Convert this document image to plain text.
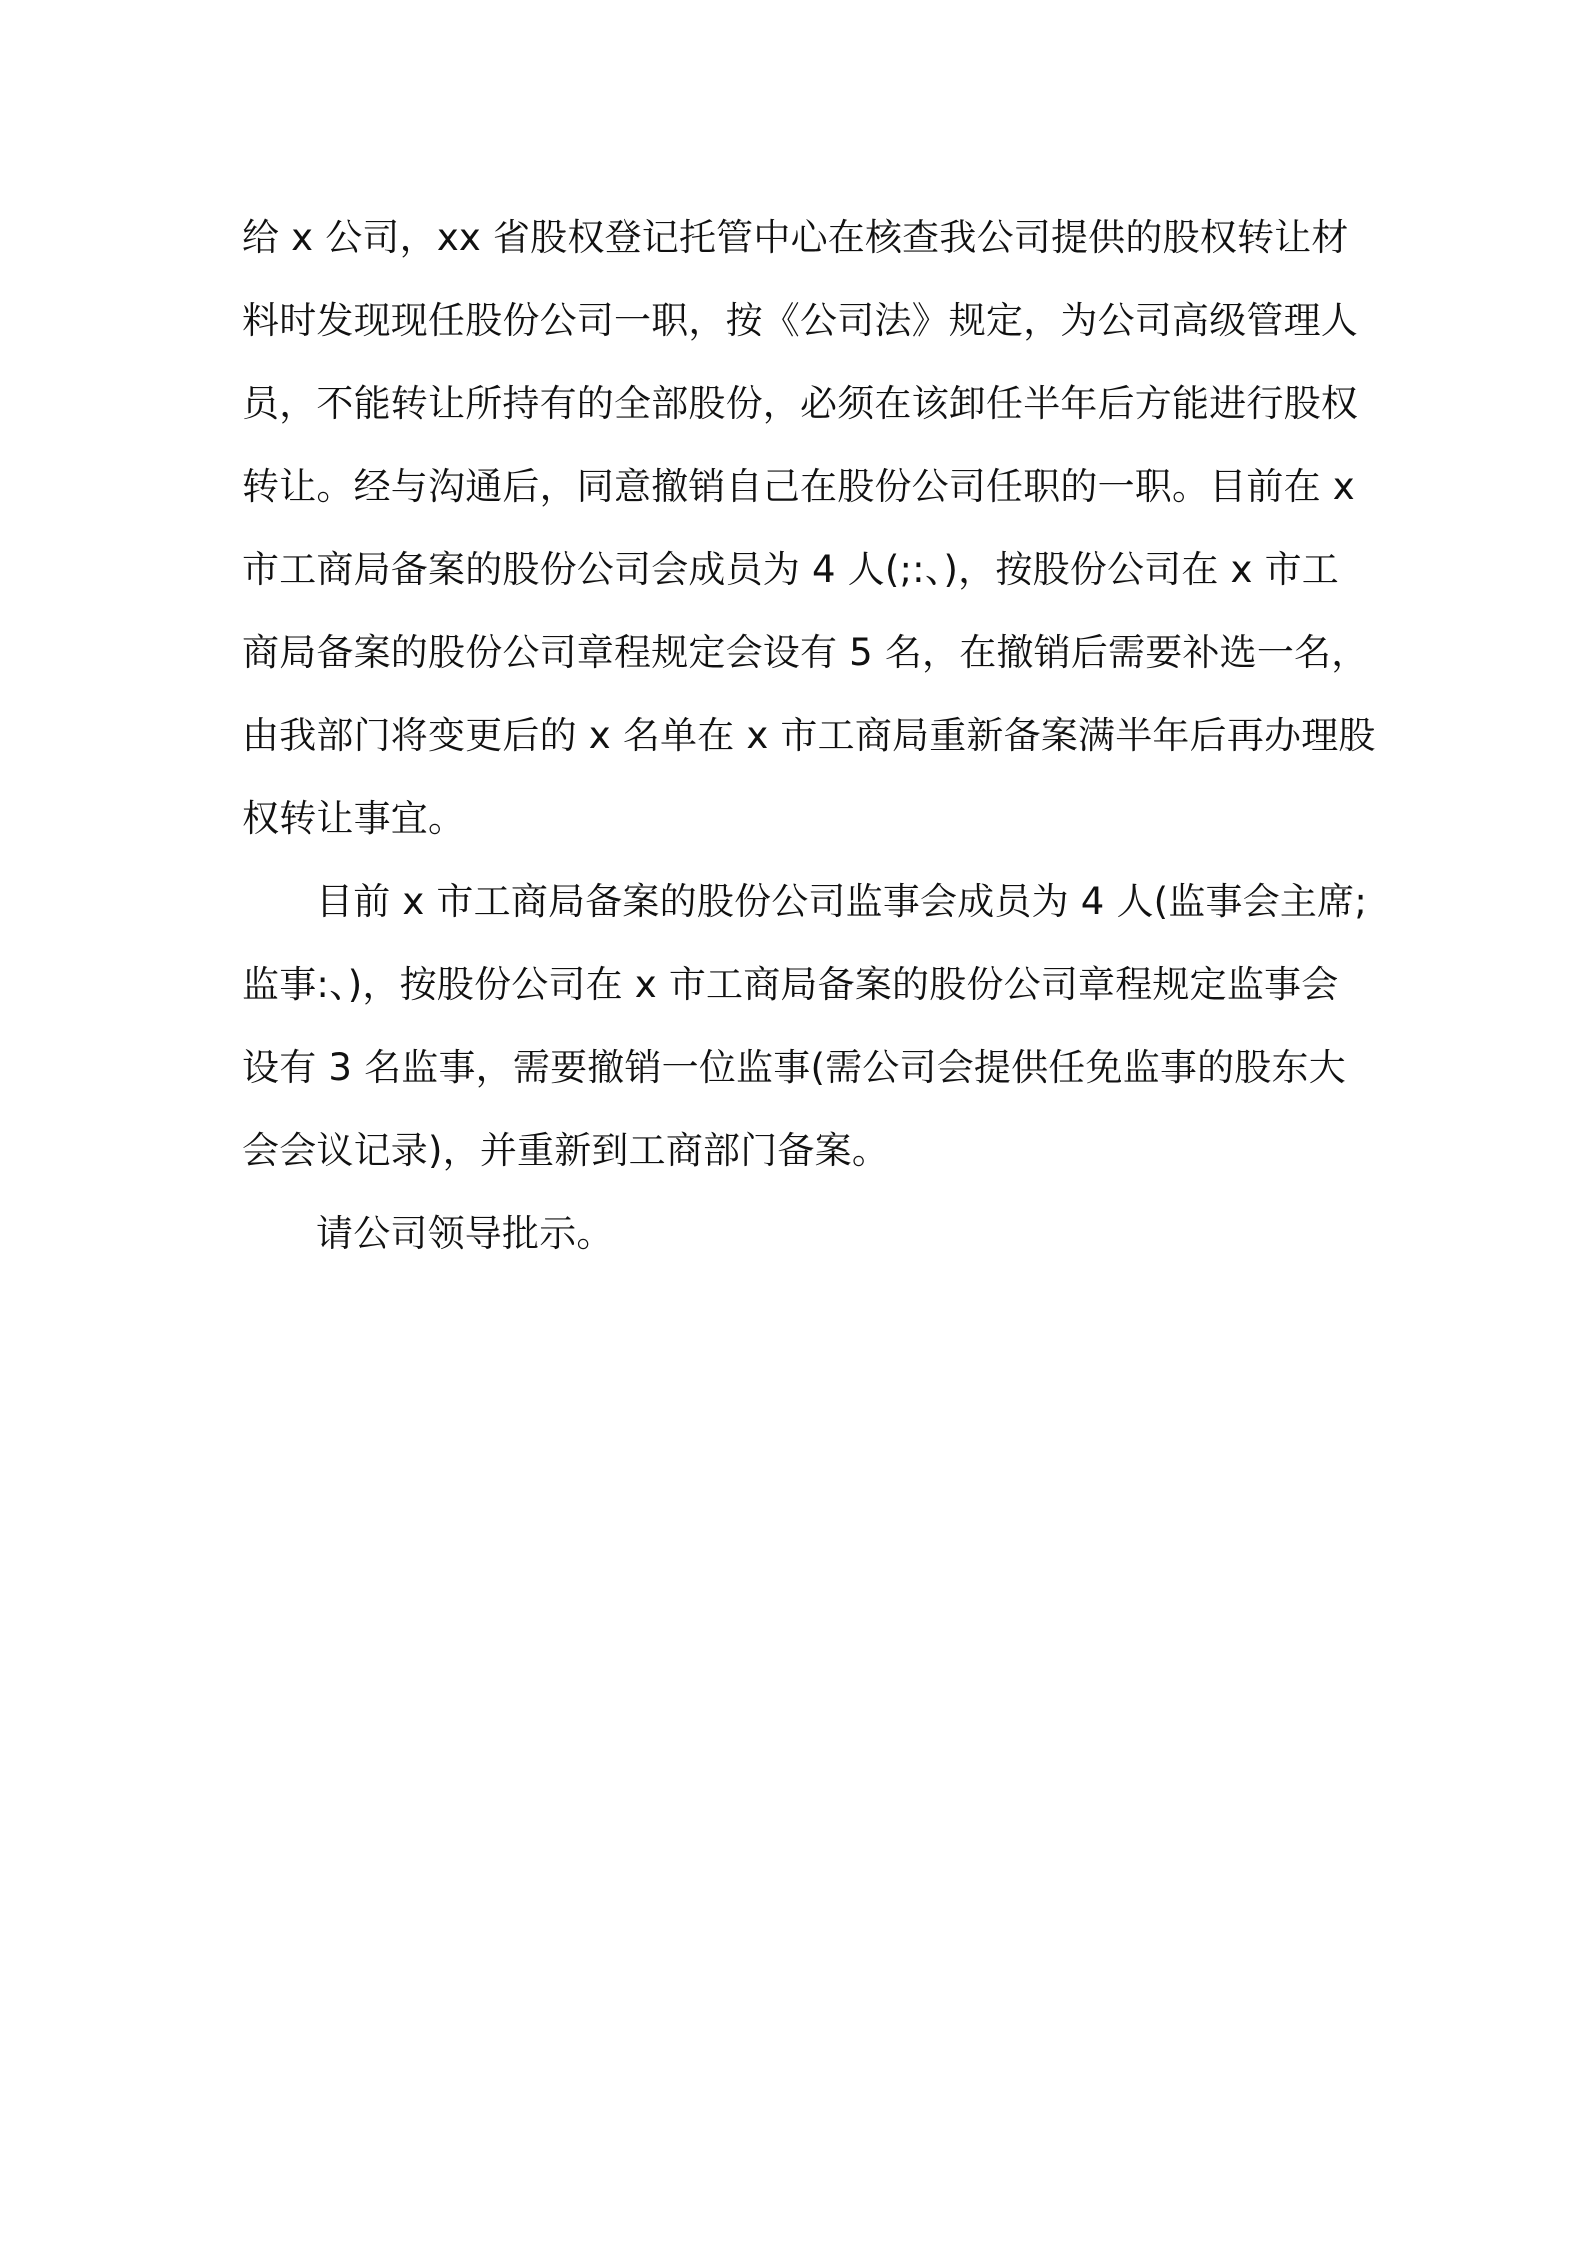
给 x 公司，xx 省股权登记托管中心在核查我公司提供的股权转让材
料时发现现任股份公司一职，按《公司法》规定，为公司高级管理人
员，不能转让所持有的全部股份，必须在该卸任半年后方能进行股权
转让。经与沟通后，同意撤销自己在股份公司任职的一职。目前在 x
市工商局备案的股份公司会成员为 4 人(;:、)，按股份公司在 x 市工
商局备案的股份公司章程规定会设有 5 名，在撤销后需要补选一名，
由我部门将变更后的 x 名单在 x 市工商局重新备案满半年后再办理股
权转让事宜。
目前 x 市工商局备案的股份公司监事会成员为 4 人(监事会主席;
监事:、)，按股份公司在 x 市工商局备案的股份公司章程规定监事会
设有 3 名监事，需要撤销一位监事(需公司会提供任免监事的股东大
会会议记录)，并重新到工商部门备案。
请公司领导批示。
